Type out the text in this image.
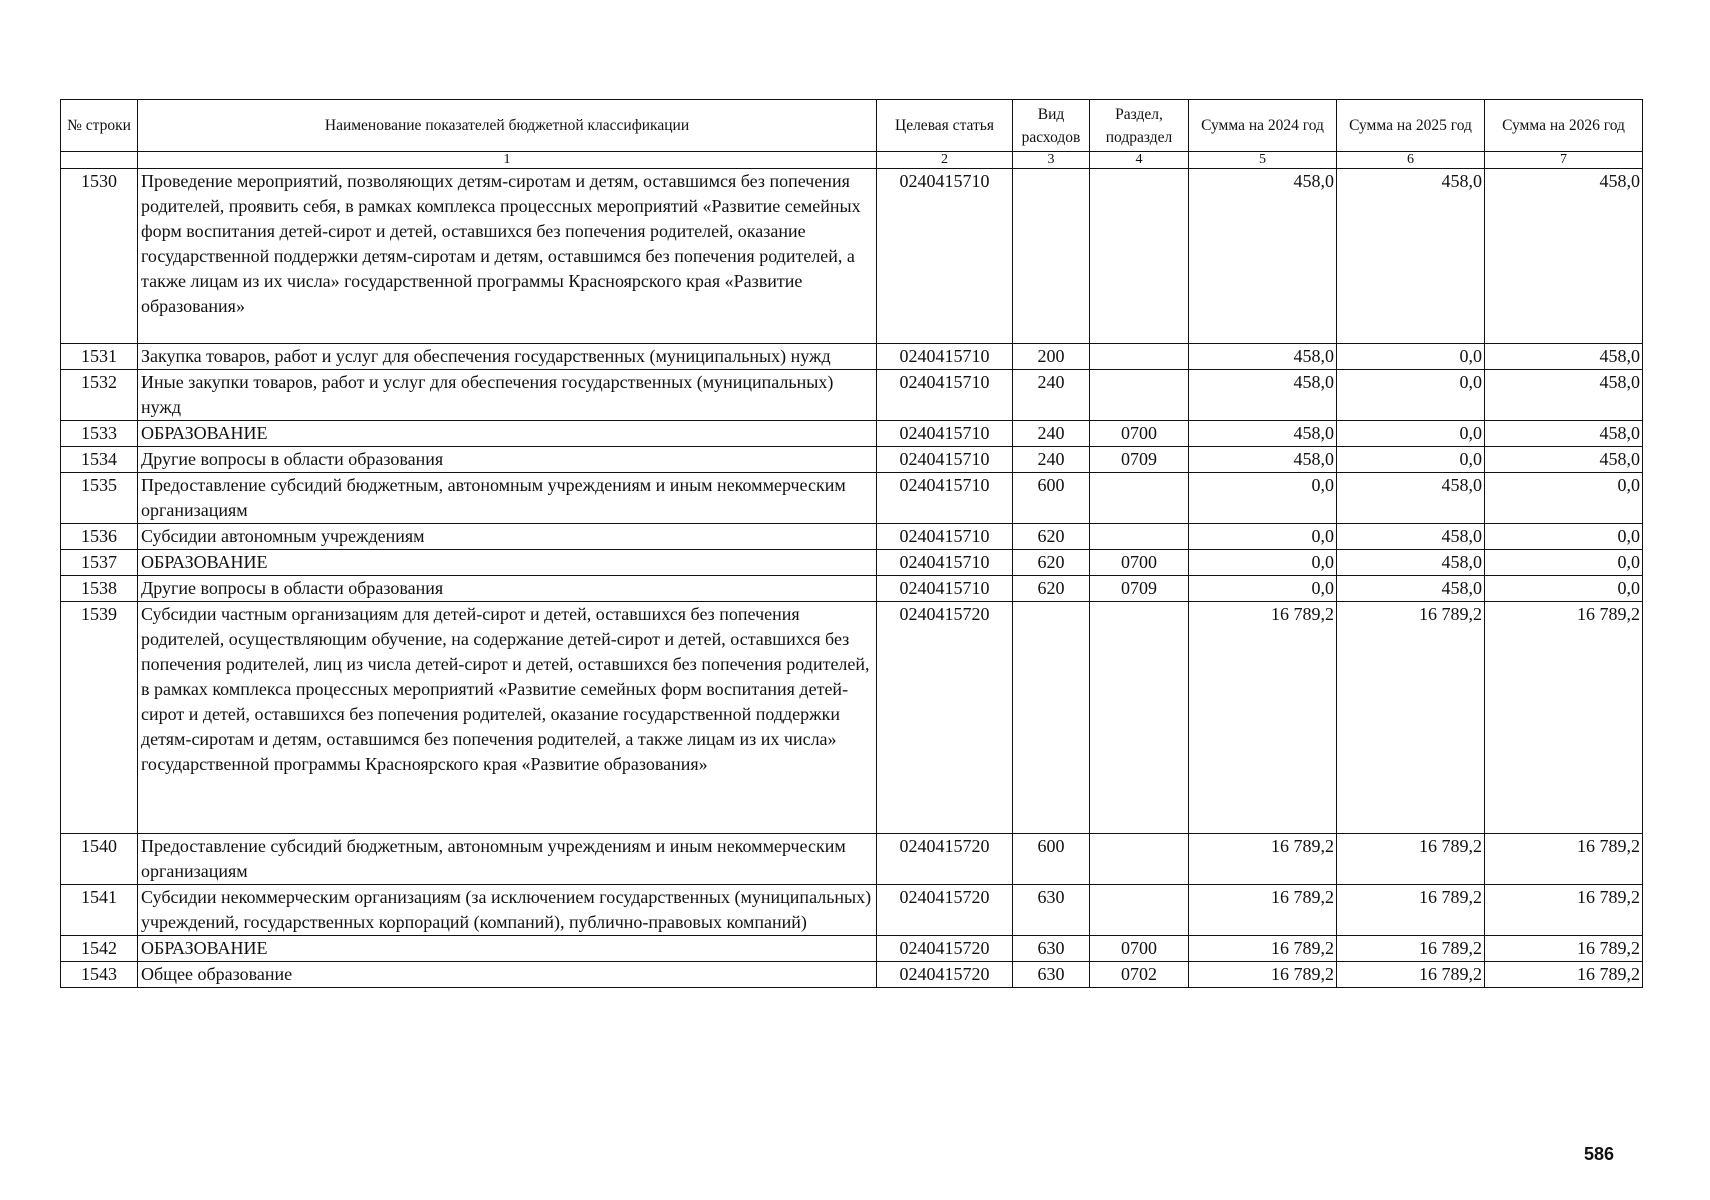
№ строки	Наименование показателей бюджетной классификации	Целевая статья	Вид расходов	Раздел, подраздел	Сумма на 2024 год	Сумма на 2025 год	Сумма на 2026 год
	1	2	3	4	5	6	7
1530	Проведение мероприятий, позволяющих детям-сиротам и детям, оставшимся без попечения родителей, проявить себя, в рамках комплекса процессных мероприятий «Развитие семейных форм воспитания детей-сирот и детей, оставшихся без попечения родителей, оказание государственной поддержки детям-сиротам и детям, оставшимся без попечения родителей, а также лицам из их числа» государственной программы Красноярского края «Развитие образования»	0240415710			458,0	458,0	458,0
1531	Закупка товаров, работ и услуг для обеспечения государственных (муниципальных) нужд	0240415710	200		458,0	0,0	458,0
1532	Иные закупки товаров, работ и услуг для обеспечения государственных (муниципальных) нужд	0240415710	240		458,0	0,0	458,0
1533	ОБРАЗОВАНИЕ	0240415710	240	0700	458,0	0,0	458,0
1534	Другие вопросы в области образования	0240415710	240	0709	458,0	0,0	458,0
1535	Предоставление субсидий бюджетным, автономным учреждениям и иным некоммерческим организациям	0240415710	600		0,0	458,0	0,0
1536	Субсидии автономным учреждениям	0240415710	620		0,0	458,0	0,0
1537	ОБРАЗОВАНИЕ	0240415710	620	0700	0,0	458,0	0,0
1538	Другие вопросы в области образования	0240415710	620	0709	0,0	458,0	0,0
1539	Субсидии частным организациям для детей-сирот и детей, оставшихся без попечения родителей, осуществляющим обучение, на содержание детей-сирот и детей, оставшихся без попечения родителей, лиц из числа детей-сирот и детей, оставшихся без попечения родителей, в рамках комплекса процессных мероприятий «Развитие семейных форм воспитания детей-сирот и детей, оставшихся без попечения родителей, оказание государственной поддержки детям-сиротам и детям, оставшимся без попечения родителей, а также лицам из их числа» государственной программы Красноярского края «Развитие образования»	0240415720			16 789,2	16 789,2	16 789,2
1540	Предоставление субсидий бюджетным, автономным учреждениям и иным некоммерческим организациям	0240415720	600		16 789,2	16 789,2	16 789,2
1541	Субсидии некоммерческим организациям (за исключением государственных (муниципальных) учреждений, государственных корпораций (компаний), публично-правовых компаний)	0240415720	630		16 789,2	16 789,2	16 789,2
1542	ОБРАЗОВАНИЕ	0240415720	630	0700	16 789,2	16 789,2	16 789,2
1543	Общее образование	0240415720	630	0702	16 789,2	16 789,2	16 789,2
586
